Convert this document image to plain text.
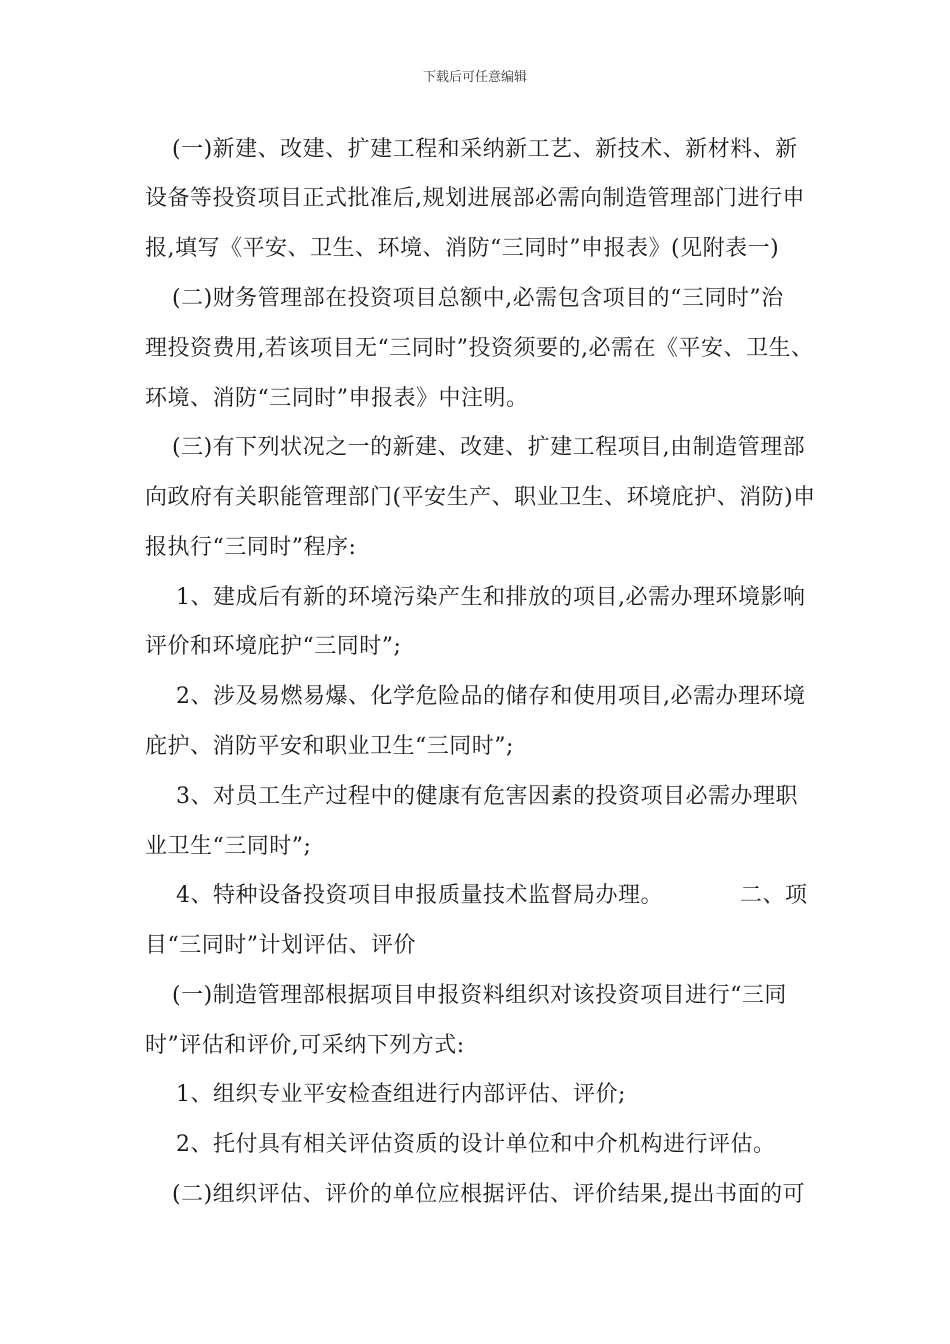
下载后可任意编辑
(一)新建、改建、扩建工程和采纳新工艺、新技术、新材料、新
设备等投资项目正式批准后,规划进展部必需向制造管理部门进行申
报,填写《平安、卫生、环境、消防“三同时”申报表》(见附表一)
(二)财务管理部在投资项目总额中,必需包含项目的“三同时”治
理投资费用,若该项目无“三同时”投资须要的,必需在《平安、卫生、
环境、消防“三同时”申报表》中注明。
(三)有下列状况之一的新建、改建、扩建工程项目,由制造管理部
向政府有关职能管理部门(平安生产、职业卫生、环境庇护、消防)申
报执行“三同时”程序:
1、建成后有新的环境污染产生和排放的项目,必需办理环境影响
评价和环境庇护“三同时”;
2、涉及易燃易爆、化学危险品的储存和使用项目,必需办理环境
庇护、消防平安和职业卫生“三同时”;
3、对员工生产过程中的健康有危害因素的投资项目必需办理职
业卫生“三同时”;
4、特种设备投资项目申报质量技术监督局办理。	二、项
目“三同时”计划评估、评价
(一)制造管理部根据项目申报资料组织对该投资项目进行“三同
时”评估和评价,可采纳下列方式:
1、组织专业平安检查组进行内部评估、评价;
2、托付具有相关评估资质的设计单位和中介机构进行评估。
(二)组织评估、评价的单位应根据评估、评价结果,提出书面的可
